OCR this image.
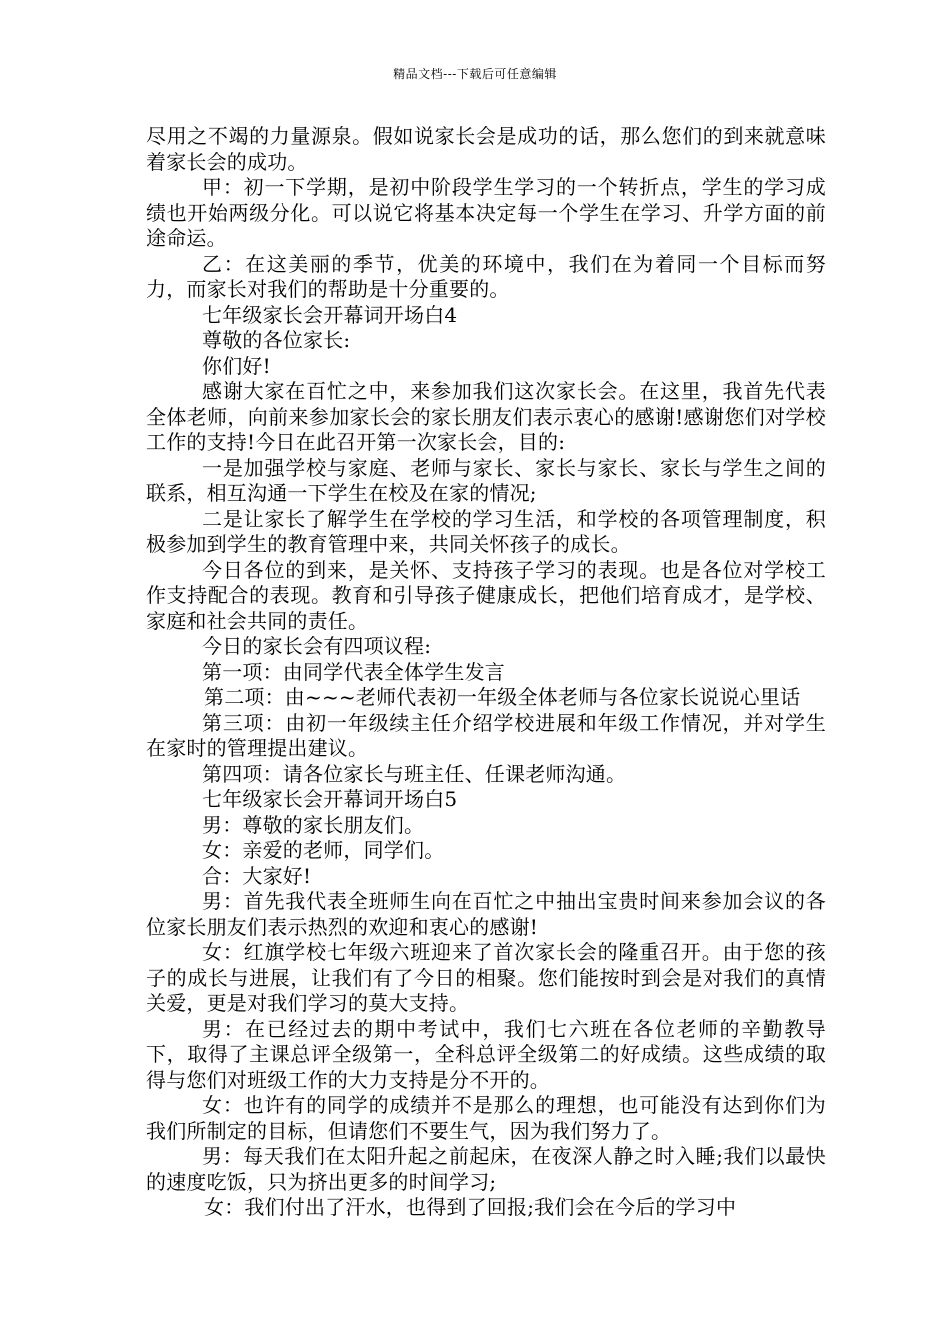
精品文档---下载后可任意编辑

尽用之不竭的力量源泉。假如说家长会是成功的话，那么您们的到来就意味着家长会的成功。

甲：初一下学期，是初中阶段学生学习的一个转折点，学生的学习成绩也开始两级分化。可以说它将基本决定每一个学生在学习、升学方面的前途命运。

乙：在这美丽的季节，优美的环境中，我们在为着同一个目标而努力，而家长对我们的帮助是十分重要的。

七年级家长会开幕词开场白4

尊敬的各位家长:

你们好!

感谢大家在百忙之中，来参加我们这次家长会。在这里，我首先代表全体老师，向前来参加家长会的家长朋友们表示衷心的感谢!感谢您们对学校工作的支持!今日在此召开第一次家长会，目的:

一是加强学校与家庭、老师与家长、家长与家长、家长与学生之间的联系，相互沟通一下学生在校及在家的情况;

二是让家长了解学生在学校的学习生活，和学校的各项管理制度，积极参加到学生的教育管理中来，共同关怀孩子的成长。

今日各位的到来，是关怀、支持孩子学习的表现。也是各位对学校工作支持配合的表现。教育和引导孩子健康成长，把他们培育成才，是学校、家庭和社会共同的责任。

今日的家长会有四项议程:

第一项：由同学代表全体学生发言

第二项：由~~~老师代表初一年级全体老师与各位家长说说心里话

第三项：由初一年级续主任介绍学校进展和年级工作情况，并对学生在家时的管理提出建议。

第四项：请各位家长与班主任、任课老师沟通。

七年级家长会开幕词开场白5

男：尊敬的家长朋友们。

女：亲爱的老师，同学们。

合：大家好!

男：首先我代表全班师生向在百忙之中抽出宝贵时间来参加会议的各位家长朋友们表示热烈的欢迎和衷心的感谢!

女：红旗学校七年级六班迎来了首次家长会的隆重召开。由于您的孩子的成长与进展，让我们有了今日的相聚。您们能按时到会是对我们的真情关爱，更是对我们学习的莫大支持。

男：在已经过去的期中考试中，我们七六班在各位老师的辛勤教导下，取得了主课总评全级第一，全科总评全级第二的好成绩。这些成绩的取得与您们对班级工作的大力支持是分不开的。

女：也许有的同学的成绩并不是那么的理想，也可能没有达到你们为我们所制定的目标，但请您们不要生气，因为我们努力了。

男：每天我们在太阳升起之前起床，在夜深人静之时入睡;我们以最快的速度吃饭，只为挤出更多的时间学习;

女：我们付出了汗水，也得到了回报;我们会在今后的学习中
